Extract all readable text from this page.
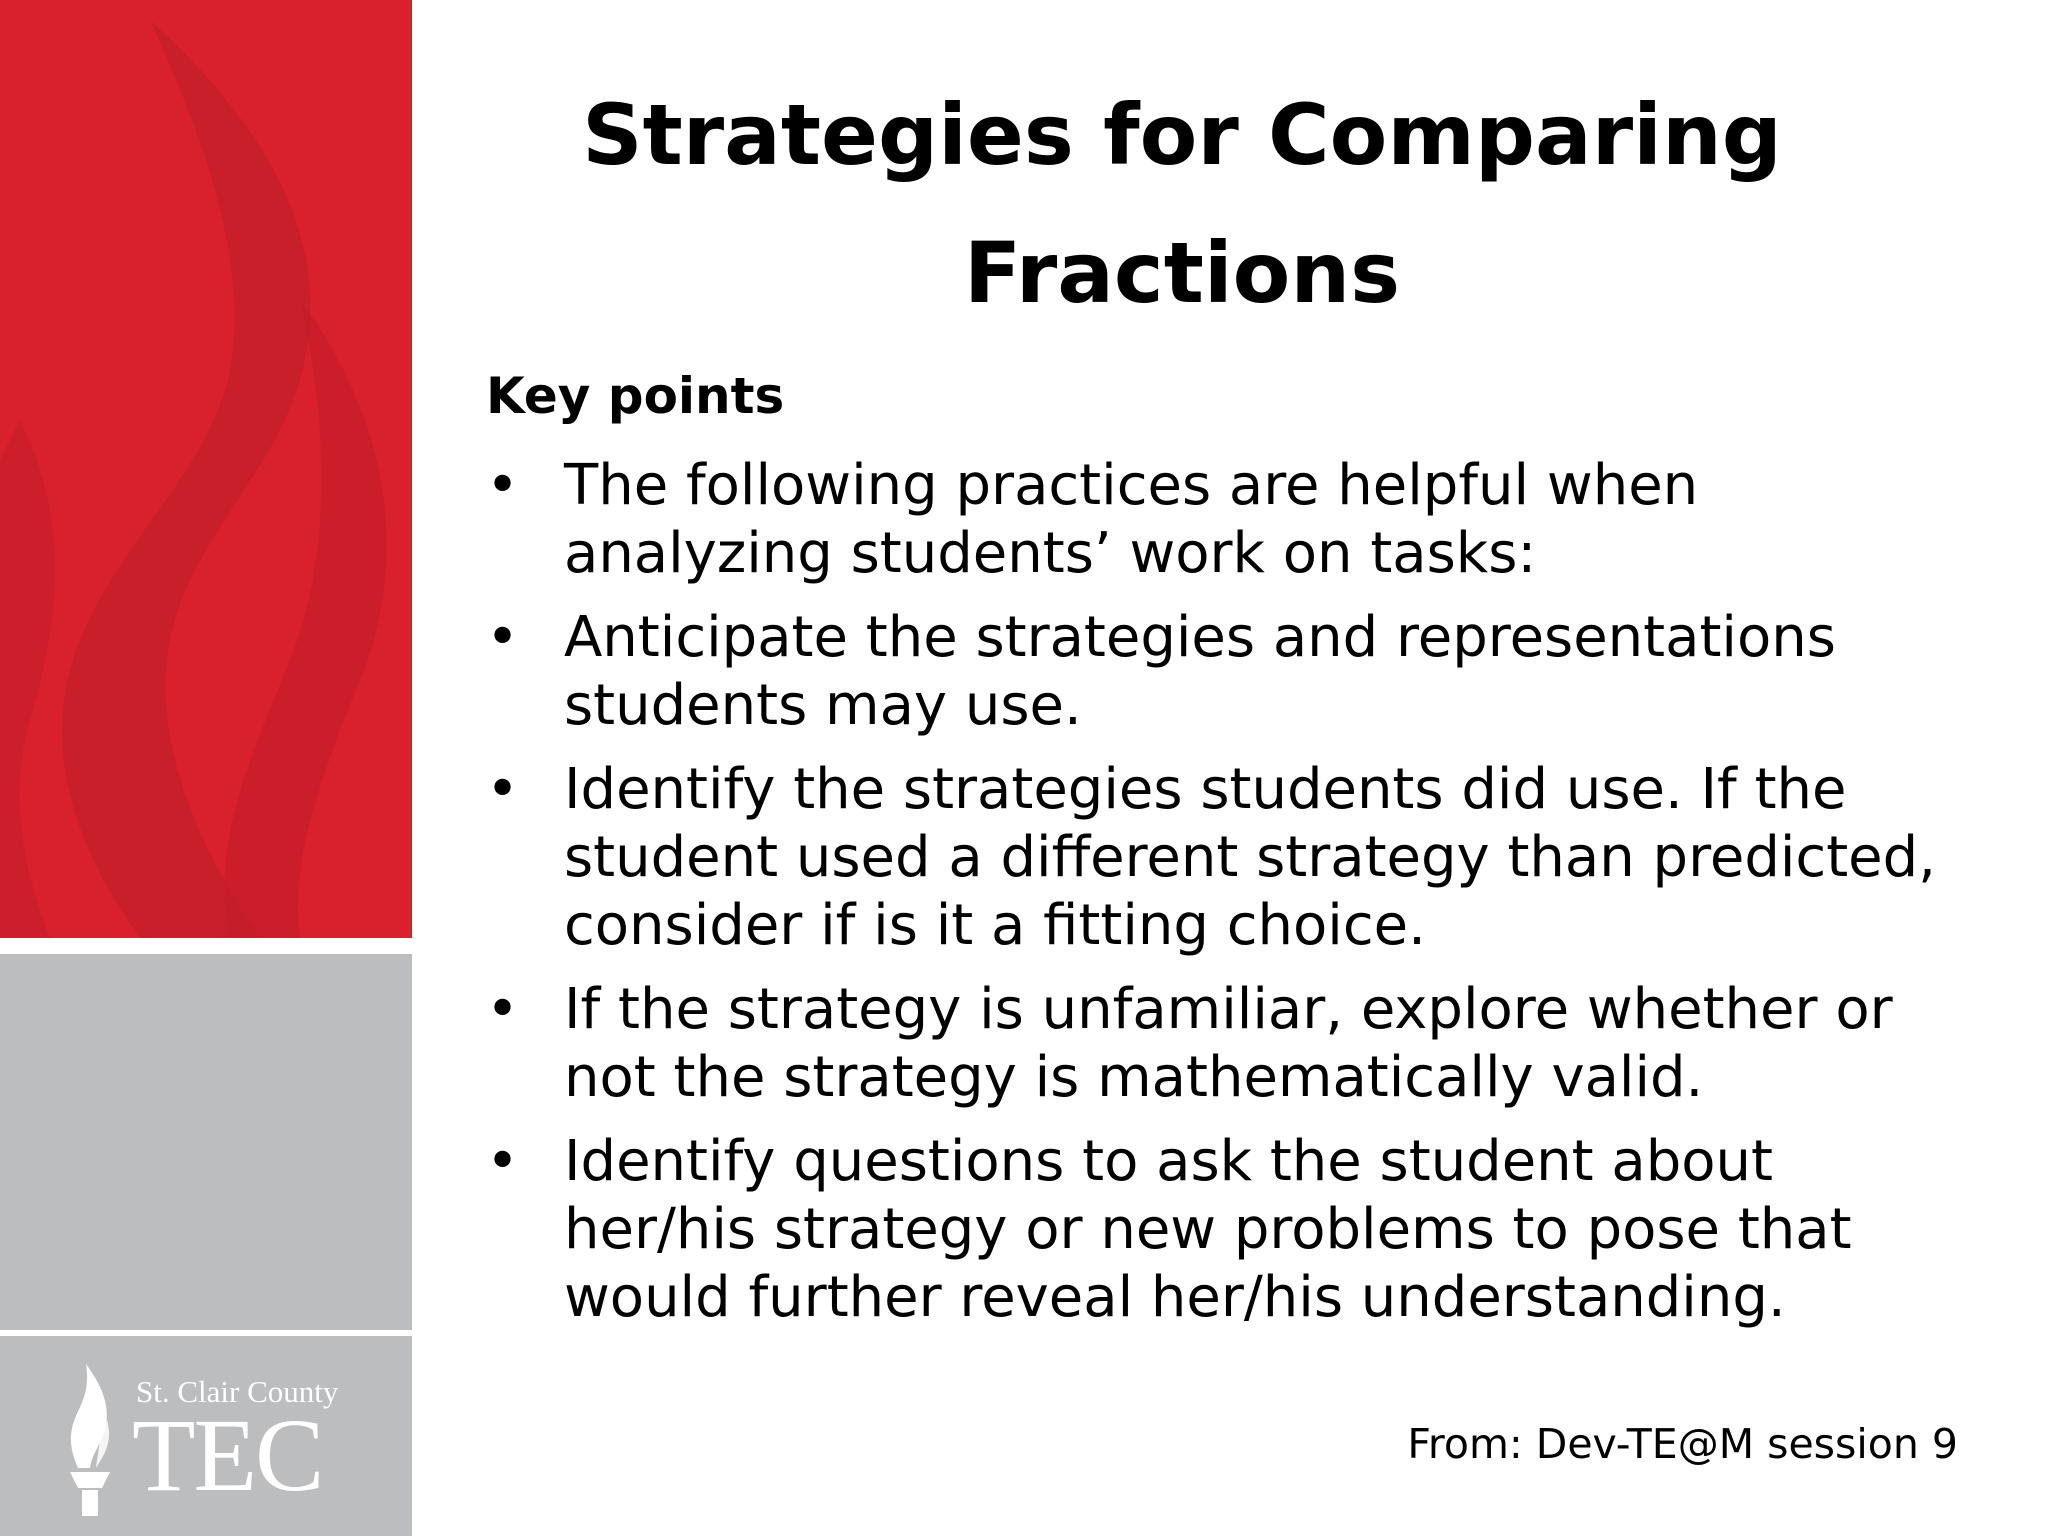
St. Clair County
TEC
Strategies for Comparing Fractions
Key points
• The following practices are helpful when analyzing students’ work on tasks:
• Anticipate the strategies and representations students may use.
• Identify the strategies students did use. If the student used a different strategy than predicted, consider if is it a fitting choice.
• If the strategy is unfamiliar, explore whether or not the strategy is mathematically valid.
• Identify questions to ask the student about her/his strategy or new problems to pose that would further reveal her/his understanding.
From: Dev-TE@M session 9
